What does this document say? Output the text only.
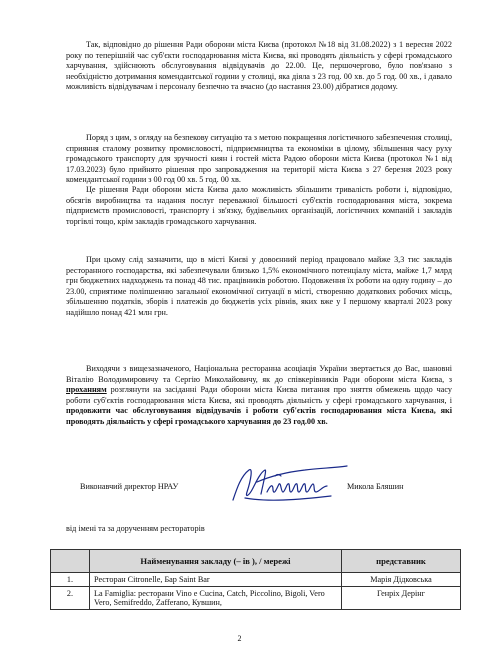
Так, відповідно до рішення Ради оборони міста Києва (протокол №18 від 31.08.2022) з 1 вересня 2022 року по теперішній час суб'єкти господарювання міста Києва, які проводять діяльність у сфері громадського харчування, здійснюють обслуговування відвідувачів до 22.00. Це, першочергово, було пов'язано з необхідністю дотримання комендантської години у столиці, яка діяла з 23 год. 00 хв. до 5 год. 00 хв., і давало можливість відвідувачам і персоналу безпечно та вчасно (до настання 23.00) дібратися додому.

Поряд з цим, з огляду на безпекову ситуацію та з метою покращення логістичного забезпечення столиці, сприяння сталому розвитку промисловості, підприємництва та економіки в цілому, збільшення часу руху громадського транспорту для зручності киян і гостей міста Радою оборони міста Києва (протокол №1 від 17.03.2023) було прийнято рішення про запровадження на території міста Києва з 27 березня 2023 року комендантської години з 00 год 00 хв. 5 год. 00 хв.

Це рішення Ради оборони міста Києва дало можливість збільшити тривалість роботи і, відповідно, обсягів виробництва та надання послуг переважної більшості суб'єктів господарювання міста, зокрема підприємств промисловості, транспорту і зв'язку, будівельних організацій, логістичних компаній і закладів торгівлі тощо, крім закладів громадського харчування.

При цьому слід зазначити, що в місті Києві у довоєнний період працювало майже 3,3 тис закладів ресторанного господарства, які забезпечували близько 1,5% економічного потенціалу міста, майже 1,7 млрд грн бюджетних надходжень та понад 48 тис. працівників роботою. Подовження їх роботи на одну годину – до 23.00, сприятиме поліпшенню загальної економічної ситуації в місті, створенню додаткових робочих місць, збільшенню податків, зборів і платежів до бюджетів усіх рівнів, яких вже у І першому кварталі 2023 року надійшло понад 421 млн грн.

Виходячи з вищезазначеного, Національна ресторанна асоціація України звертається до Вас, шановні Віталію Володимировичу та Сергію Миколайовичу, як до співкерівників Ради оборони міста Києва, з проханням розглянути на засіданні Ради оборони міста Києва питання про зняття обмежень щодо часу роботи суб'єктів господарювання міста Києва, які проводять діяльність у сфері громадського харчування, і продовжити час обслуговування відвідувачів і роботи суб'єктів господарювання міста Києва, які проводять діяльність у сфері громадського харчування до 23 год.00 хв.

Виконавчий директор НРАУ	Микола Бляшин
від імені та за дорученням рестораторів
	Найменування закладу (– ів ), / мережі	представник
1.	Ресторан Citronelle, Бар Saint Bar	Марія Дідковська
2.	La Famiglia: ресторани Vino e Cucina, Catch, Piccolino, Bigoli, Vero Vero, Semifreddo, Zafferano, Кувшин,	Генріх Дерінг
2
